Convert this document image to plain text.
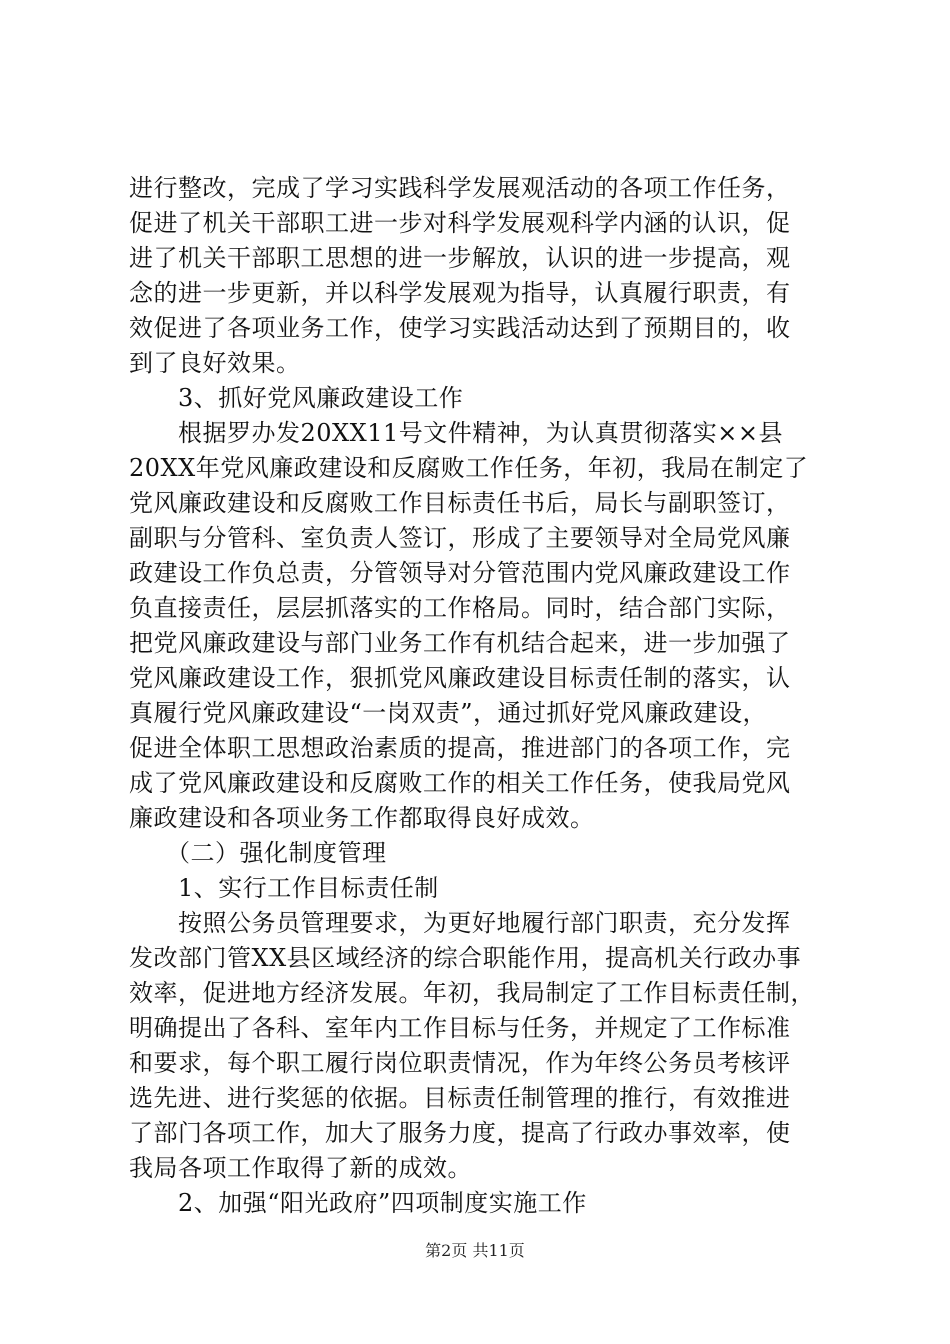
进行整改，完成了学习实践科学发展观活动的各项工作任务，
促进了机关干部职工进一步对科学发展观科学内涵的认识，促
进了机关干部职工思想的进一步解放，认识的进一步提高，观
念的进一步更新，并以科学发展观为指导，认真履行职责，有
效促进了各项业务工作，使学习实践活动达到了预期目的，收
到了良好效果。
　　3、抓好党风廉政建设工作
　　根据罗办发20XX11号文件精神，为认真贯彻落实××县
20XX年党风廉政建设和反腐败工作任务，年初，我局在制定了
党风廉政建设和反腐败工作目标责任书后，局长与副职签订，
副职与分管科、室负责人签订，形成了主要领导对全局党风廉
政建设工作负总责，分管领导对分管范围内党风廉政建设工作
负直接责任，层层抓落实的工作格局。同时，结合部门实际，
把党风廉政建设与部门业务工作有机结合起来，进一步加强了
党风廉政建设工作，狠抓党风廉政建设目标责任制的落实，认
真履行党风廉政建设“一岗双责”，通过抓好党风廉政建设，
促进全体职工思想政治素质的提高，推进部门的各项工作，完
成了党风廉政建设和反腐败工作的相关工作任务，使我局党风
廉政建设和各项业务工作都取得良好成效。
　　（二）强化制度管理
　　1、实行工作目标责任制
　　按照公务员管理要求，为更好地履行部门职责，充分发挥
发改部门管XX县区域经济的综合职能作用，提高机关行政办事
效率，促进地方经济发展。年初，我局制定了工作目标责任制，
明确提出了各科、室年内工作目标与任务，并规定了工作标准
和要求，每个职工履行岗位职责情况，作为年终公务员考核评
选先进、进行奖惩的依据。目标责任制管理的推行，有效推进
了部门各项工作，加大了服务力度，提高了行政办事效率，使
我局各项工作取得了新的成效。
　　2、加强“阳光政府”四项制度实施工作
第2页 共11页
